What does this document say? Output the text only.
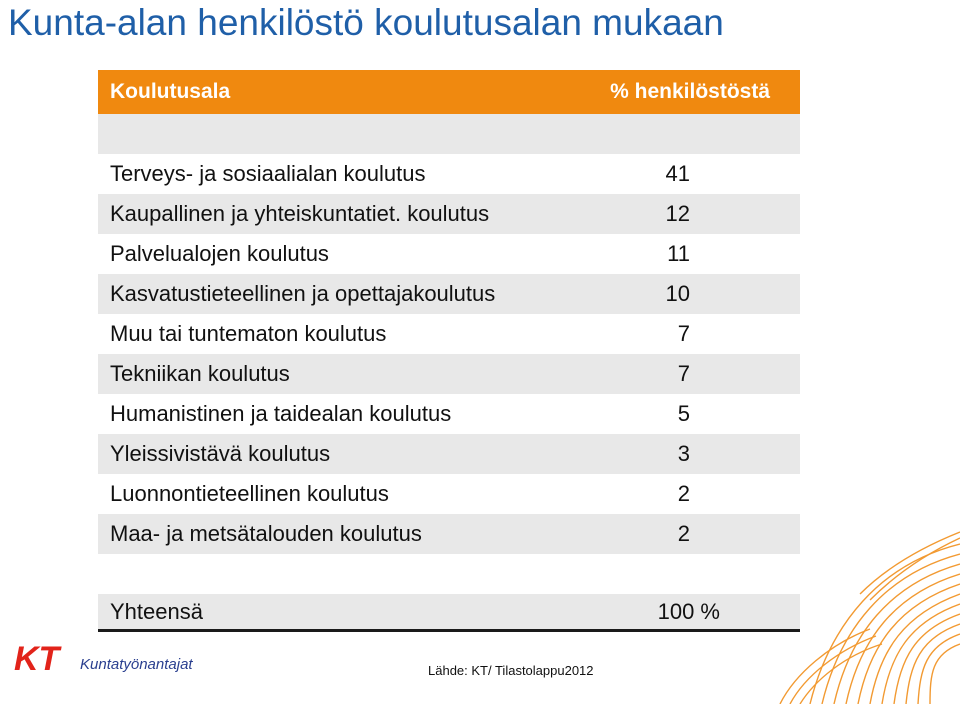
Kunta-alan henkilöstö koulutusalan mukaan
Koulutusala	% henkilöstöstä
Terveys- ja sosiaalialan koulutus	41
Kaupallinen ja yhteiskuntatiet. koulutus	12
Palvelualojen koulutus	11
Kasvatustieteellinen ja opettajakoulutus	10
Muu tai tuntematon koulutus	7
Tekniikan koulutus	7
Humanistinen ja taidealan koulutus	5
Yleissivistävä koulutus	3
Luonnontieteellinen koulutus	2
Maa- ja metsätalouden koulutus	2
Yhteensä	100 %
KT Kuntatyönantajat	Lähde: KT/ Tilastolappu2012
